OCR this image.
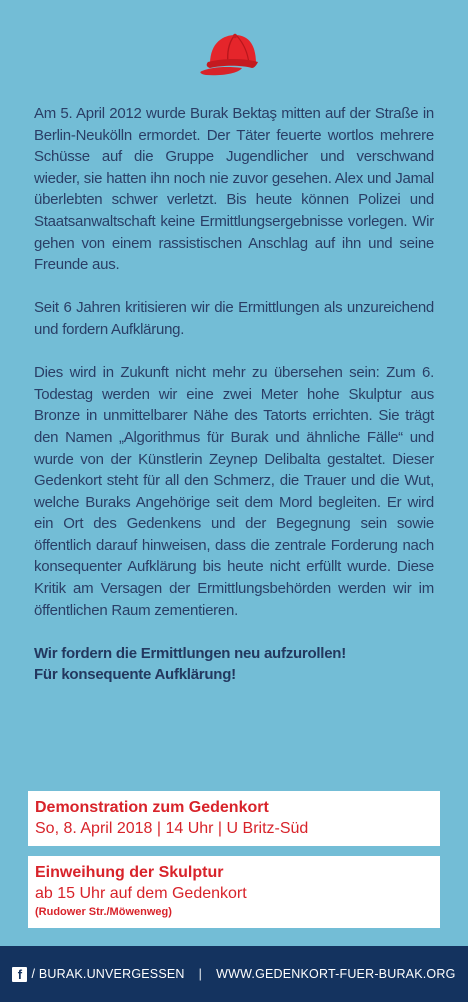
Am 5. April 2012 wurde Burak Bektaş mitten auf der Straße in Berlin-Neukölln ermordet. Der Täter feuerte wortlos mehrere Schüsse auf die Gruppe Jugendlicher und verschwand wieder, sie hatten ihn noch nie zuvor gesehen. Alex und Jamal überlebten schwer verletzt. Bis heute können Polizei und Staatsanwaltschaft keine Ermittlungsergebnisse vorlegen. Wir gehen von einem rassistischen Anschlag auf ihn und seine Freunde aus.

Seit 6 Jahren kritisieren wir die Ermittlungen als unzureichend und fordern Aufklärung.

Dies wird in Zukunft nicht mehr zu übersehen sein: Zum 6. Todestag werden wir eine zwei Meter hohe Skulptur aus Bronze in unmittelbarer Nähe des Tatorts errichten. Sie trägt den Namen „Algorithmus für Burak und ähnliche Fälle“ und wurde von der Künstlerin Zeynep Delibalta gestaltet. Dieser Gedenkort steht für all den Schmerz, die Trauer und die Wut, welche Buraks Angehörige seit dem Mord begleiten. Er wird ein Ort des Gedenkens und der Begegnung sein sowie öffentlich darauf hinweisen, dass die zentrale Forderung nach konsequenter Aufklärung bis heute nicht erfüllt wurde. Diese Kritik am Versagen der Ermittlungsbehörden werden wir im öffentlichen Raum zementieren.

Wir fordern die Ermittlungen neu aufzurollen!
Für konsequente Aufklärung!
Demonstration zum Gedenkort
So, 8. April 2018 | 14 Uhr | U Britz-Süd
Einweihung der Skulptur
ab 15 Uhr auf dem Gedenkort
(Rudower Str./Möwenweg)
f / BURAK.UNVERGESSEN | WWW.GEDENKORT-FUER-BURAK.ORG
